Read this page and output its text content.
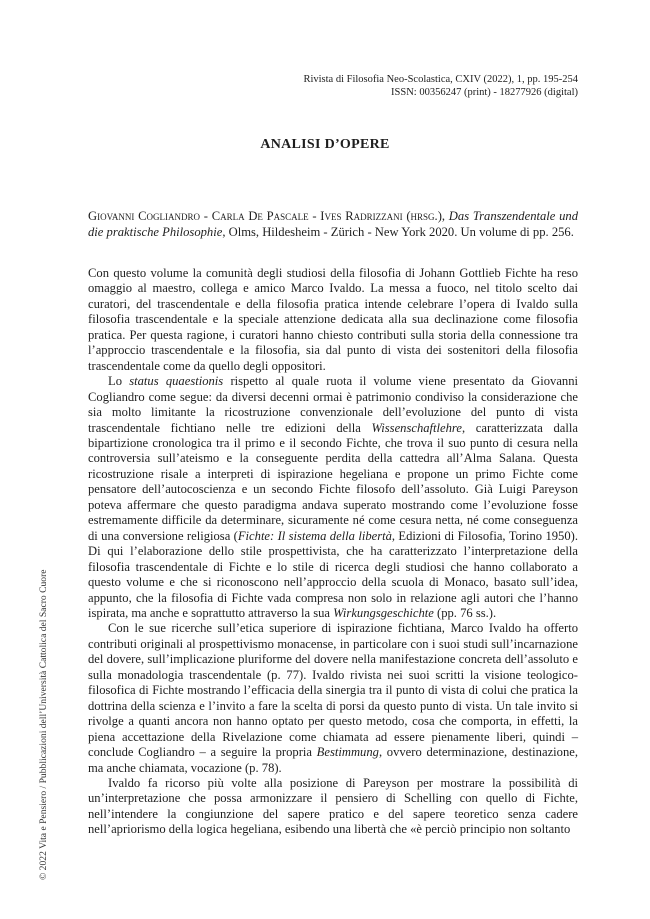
Rivista di Filosofia Neo-Scolastica, CXIV (2022), 1, pp. 195-254
ISSN: 00356247 (print) - 18277926 (digital)
ANALISI D’OPERE
Giovanni Cogliandro - Carla De Pascale - Ives Radrizzani (hrsg.), Das Transzendentale und die praktische Philosophie, Olms, Hildesheim - Zürich - New York 2020. Un volume di pp. 256.

Con questo volume la comunità degli studiosi della filosofia di Johann Gottlieb Fichte ha reso omaggio al maestro, collega e amico Marco Ivaldo. La messa a fuoco, nel titolo scelto dai curatori, del trascendentale e della filosofia pratica intende celebrare l’opera di Ivaldo sulla filosofia trascendentale e la speciale attenzione dedicata alla sua declinazione come filosofia pratica. Per questa ragione, i curatori hanno chiesto contributi sulla storia della connessione tra l’approccio trascendentale e la filosofia, sia dal punto di vista dei sostenitori della filosofia trascendentale come da quello degli oppositori.

Lo status quaestionis rispetto al quale ruota il volume viene presentato da Giovanni Cogliandro come segue: da diversi decenni ormai è patrimonio condiviso la considerazione che sia molto limitante la ricostruzione convenzionale dell’evoluzione del punto di vista trascendentale fichtiano nelle tre edizioni della Wissenschaftlehre, caratterizzata dalla bipartizione cronologica tra il primo e il secondo Fichte, che trova il suo punto di cesura nella controversia sull’ateismo e la conseguente perdita della cattedra all’Alma Salana. Questa ricostruzione risale a interpreti di ispirazione hegeliana e propone un primo Fichte come pensatore dell’autocoscienza e un secondo Fichte filosofo dell’assoluto. Già Luigi Pareyson poteva affermare che questo paradigma andava superato mostrando come l’evoluzione fosse estremamente difficile da determinare, sicuramente né come cesura netta, né come conseguenza di una conversione religiosa (Fichte: Il sistema della libertà, Edizioni di Filosofia, Torino 1950). Di qui l’elaborazione dello stile prospettivista, che ha caratterizzato l’interpretazione della filosofia trascendentale di Fichte e lo stile di ricerca degli studiosi che hanno collaborato a questo volume e che si riconoscono nell’approccio della scuola di Monaco, basato sull’idea, appunto, che la filosofia di Fichte vada compresa non solo in relazione agli autori che l’hanno ispirata, ma anche e soprattutto attraverso la sua Wirkungsgeschichte (pp. 76 ss.).

Con le sue ricerche sull’etica superiore di ispirazione fichtiana, Marco Ivaldo ha offerto contributi originali al prospettivismo monacense, in particolare con i suoi studi sull’incarnazione del dovere, sull’implicazione pluriforme del dovere nella manifestazione concreta dell’assoluto e sulla monadologia trascendentale (p. 77). Ivaldo rivista nei suoi scritti la visione teologico-filosofica di Fichte mostrando l’efficacia della sinergia tra il punto di vista di colui che pratica la dottrina della scienza e l’invito a fare la scelta di porsi da questo punto di vista. Un tale invito si rivolge a quanti ancora non hanno optato per questo metodo, cosa che comporta, in effetti, la piena accettazione della Rivelazione come chiamata ad essere pienamente liberi, quindi – conclude Cogliandro – a seguire la propria Bestimmung, ovvero determinazione, destinazione, ma anche chiamata, vocazione (p. 78).

Ivaldo fa ricorso più volte alla posizione di Pareyson per mostrare la possibilità di un’interpretazione che possa armonizzare il pensiero di Schelling con quello di Fichte, nell’intendere la congiunzione del sapere pratico e del sapere teoretico senza cadere nell’apriorismo della logica hegeliana, esibendo una libertà che «è perciò principio non soltanto

© 2022 Vita e Pensiero / Pubblicazioni dell’Università Cattolica del Sacro Cuore
